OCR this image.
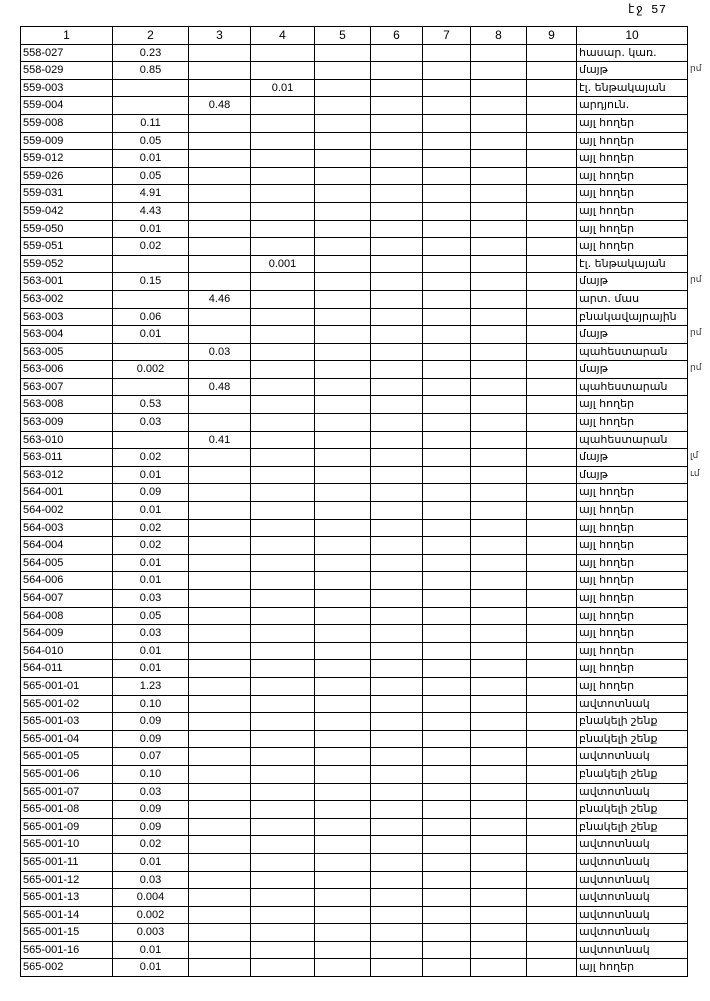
էջ 57
1	2	3	4	5	6	7	8	9	10
558-027	0.23								հասար. կառ.
558-029	0.85								մայթ
559-003			0.01						էլ. ենթակայան
559-004		0.48							արդյուն.
559-008	0.11								այլ հողեր
559-009	0.05								այլ հողեր
559-012	0.01								այլ հողեր
559-026	0.05								այլ հողեր
559-031	4.91								այլ հողեր
559-042	4.43								այլ հողեր
559-050	0.01								այլ հողեր
559-051	0.02								այլ հողեր
559-052			0.001						էլ. ենթակայան
563-001	0.15								մայթ
563-002		4.46							արտ. մաս
563-003	0.06								բնակավայրային
563-004	0.01								մայթ
563-005		0.03							պահեստարան
563-006	0.002								մայթ
563-007		0.48							պահեստարան
563-008	0.53								այլ հողեր
563-009	0.03								այլ հողեր
563-010		0.41							պահեստարան
563-011	0.02								մայթ
563-012	0.01								մայթ
564-001	0.09								այլ հողեր
564-002	0.01								այլ հողեր
564-003	0.02								այլ հողեր
564-004	0.02								այլ հողեր
564-005	0.01								այլ հողեր
564-006	0.01								այլ հողեր
564-007	0.03								այլ հողեր
564-008	0.05								այլ հողեր
564-009	0.03								այլ հողեր
564-010	0.01								այլ հողեր
564-011	0.01								այլ հողեր
565-001-01	1.23								այլ հողեր
565-001-02	0.10								ավտոտնակ
565-001-03	0.09								բնակելի շենք
565-001-04	0.09								բնակելի շենք
565-001-05	0.07								ավտոտնակ
565-001-06	0.10								բնակելի շենք
565-001-07	0.03								ավտոտնակ
565-001-08	0.09								բնակելի շենք
565-001-09	0.09								բնակելի շենք
565-001-10	0.02								ավտոտնակ
565-001-11	0.01								ավտոտնակ
565-001-12	0.03								ավտոտնակ
565-001-13	0.004								ավտոտնակ
565-001-14	0.002								ավտոտնակ
565-001-15	0.003								ավտոտնակ
565-001-16	0.01								ավտոտնակ
565-002	0.01								այլ հողեր
րմ
րմ
րմ
րմ
լմ
ւմ
